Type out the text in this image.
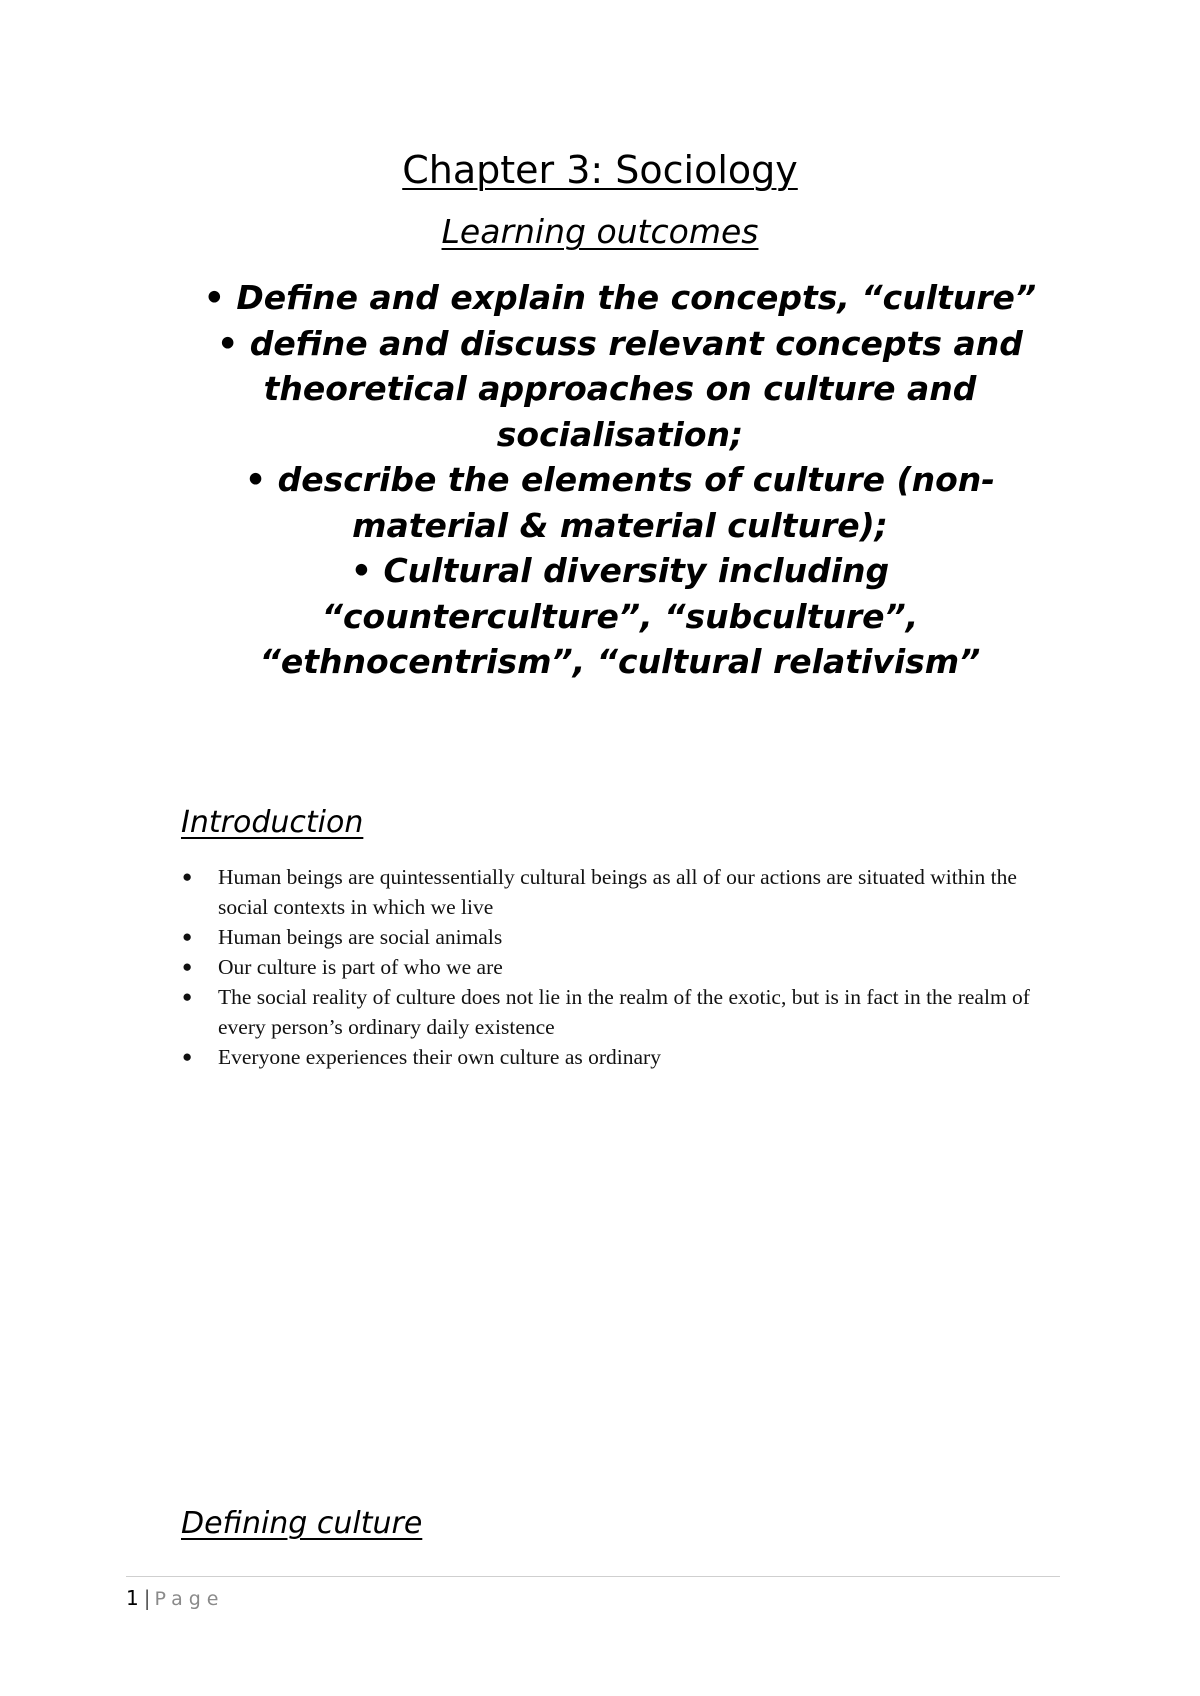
Chapter 3: Sociology
Learning outcomes
• Define and explain the concepts, “culture”
• define and discuss relevant concepts and theoretical approaches on culture and socialisation;
• describe the elements of culture (non-material & material culture);
• Cultural diversity including “counterculture”, “subculture”, “ethnocentrism”, “cultural relativism”
Introduction
●	Human beings are quintessentially cultural beings as all of our actions are situated within the social contexts in which we live
●	Human beings are social animals
●	Our culture is part of who we are
●	The social reality of culture does not lie in the realm of the exotic, but is in fact in the realm of every person’s ordinary daily existence
●	Everyone experiences their own culture as ordinary
Defining culture
1 | Page
